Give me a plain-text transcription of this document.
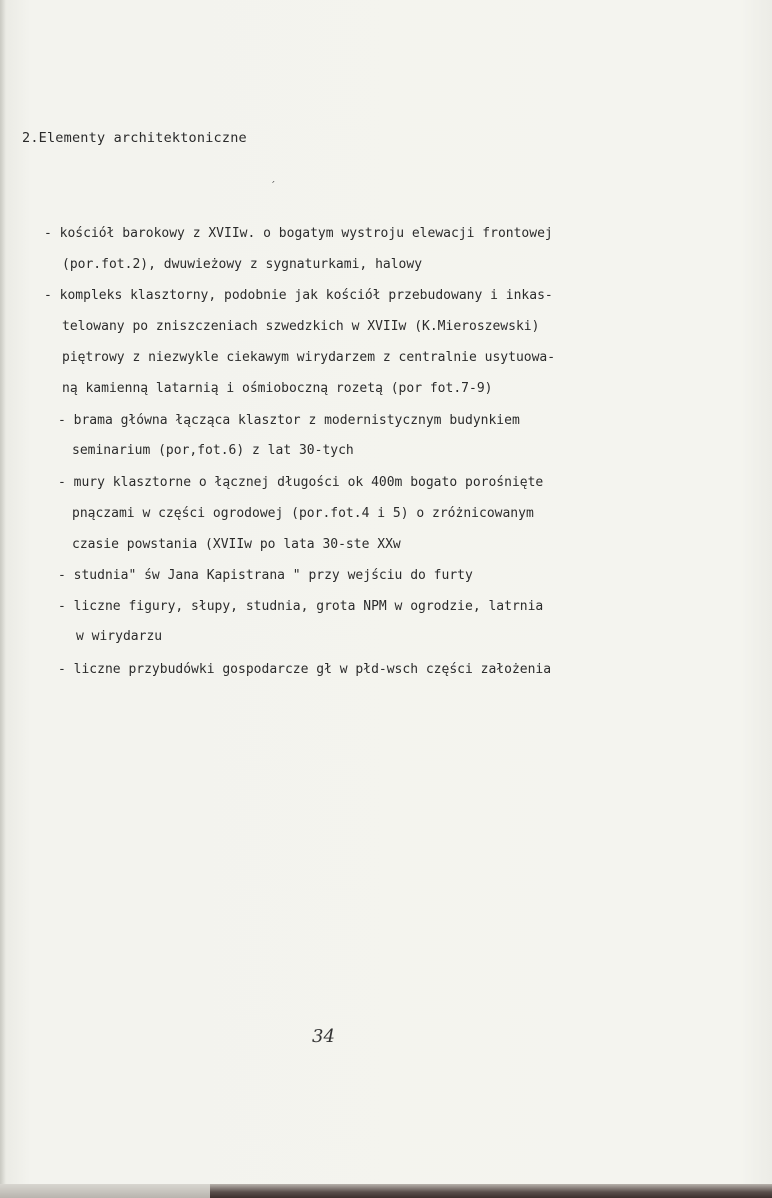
2.Elementy architektoniczne
ˊ
- kościół barokowy z XVIIw. o bogatym wystroju elewacji frontowej
(por.fot.2), dwuwieżowy z sygnaturkami, halowy
- kompleks klasztorny, podobnie jak kościół przebudowany i inkas-
telowany po zniszczeniach szwedzkich w XVIIw (K.Mieroszewski)
piętrowy z niezwykle ciekawym wirydarzem z centralnie usytuowa-
ną kamienną latarnią i ośmioboczną rozetą (por fot.7-9)
- brama główna łącząca klasztor z modernistycznym budynkiem
seminarium (por,fot.6) z lat 30-tych
- mury klasztorne o łącznej długości ok 400m bogato porośnięte
pnączami w części ogrodowej (por.fot.4 i 5) o zróżnicowanym
czasie powstania (XVIIw po lata 30-ste XXw
- studnia" św Jana Kapistrana " przy wejściu do furty
- liczne figury, słupy, studnia, grota NPM w ogrodzie, latrnia
w wirydarzu
- liczne przybudówki gospodarcze gł w płd-wsch części założenia
34
